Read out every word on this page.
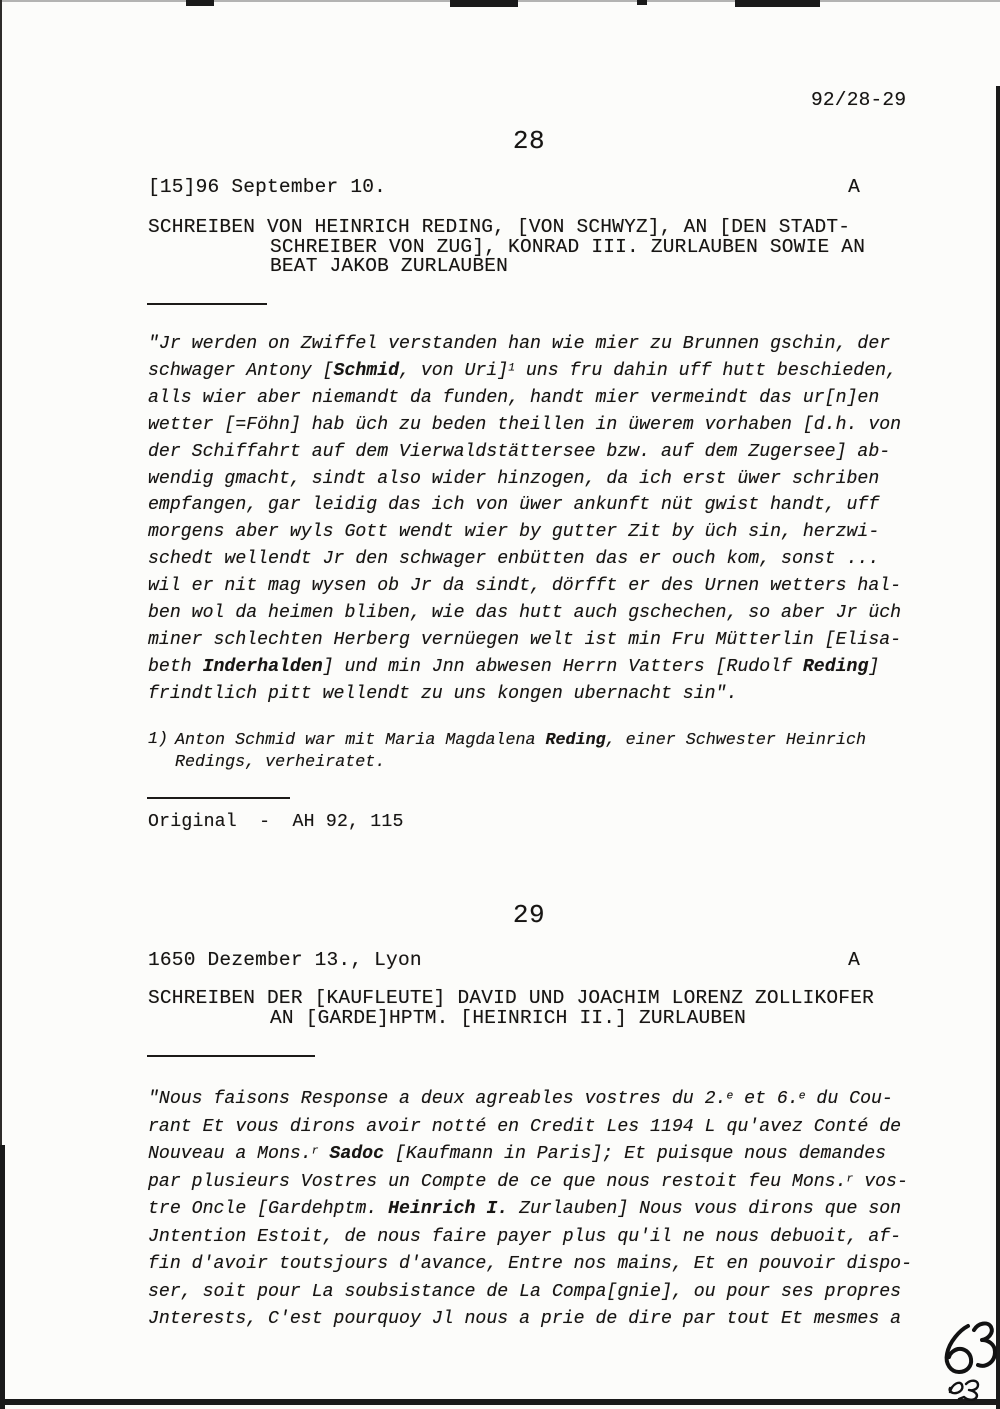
92/28-29
28
[15]96 September 10.	A
SCHREIBEN VON HEINRICH REDING, [VON SCHWYZ], AN [DEN STADT-
SCHREIBER VON ZUG], KONRAD III. ZURLAUBEN SOWIE AN
BEAT JAKOB ZURLAUBEN
"Jr werden on Zwiffel verstanden han wie mier zu Brunnen gschin, der
schwager Antony [Schmid, von Uri]$^1$ uns fru dahin uff hutt beschieden,
alls wier aber niemandt da funden, handt mier vermeindt das ur[n]en
wetter [=Föhn] hab üch zu beden theillen in üwerem vorhaben [d.h. von
der Schiffahrt auf dem Vierwaldstättersee bzw. auf dem Zugersee] ab-
wendig gmacht, sindt also wider hinzogen, da ich erst üwer schriben
empfangen, gar leidig das ich von üwer ankunft nüt gwist handt, uff
morgens aber wyls Gott wendt wier by gutter Zit by üch sin, herzwi-
schedt wellendt Jr den schwager enbütten das er ouch kom, sonst ...
wil er nit mag wysen ob Jr da sindt, dörfft er des Urnen wetters hal-
ben wol da heimen bliben, wie das hutt auch gschechen, so aber Jr üch
miner schlechten Herberg vernüegen welt ist min Fru Mütterlin [Elisa-
beth Inderhalden] und min Jnn abwesen Herrn Vatters [Rudolf Reding]
frindtlich pitt wellendt zu uns kongen ubernacht sin".
1) Anton Schmid war mit Maria Magdalena Reding, einer Schwester Heinrich
Redings, verheiratet.
Original  -  AH 92, 115
29
1650 Dezember 13., Lyon	A
SCHREIBEN DER [KAUFLEUTE] DAVID UND JOACHIM LORENZ ZOLLIKOFER
AN [GARDE]HPTM. [HEINRICH II.] ZURLAUBEN
"Nous faisons Response a deux agreables vostres du 2.$^e$ et 6.$^e$ du Cou-
rant Et vous dirons avoir notté en Credit Les 1194 L qu'avez Conté de
Nouveau a Mons.$^r$ Sadoc [Kaufmann in Paris]; Et puisque nous demandes
par plusieurs Vostres un Compte de ce que nous restoit feu Mons.$^r$ vos-
tre Oncle [Gardehptm. Heinrich I. Zurlauben] Nous vous dirons que son
Jntention Estoit, de nous faire payer plus qu'il ne nous debuoit, af-
fin d'avoir toutsjours d'avance, Entre nos mains, Et en pouvoir dispo-
ser, soit pour La soubsistance de La Compa[gnie], ou pour ses propres
Jnterests, C'est pourquoy Jl nous a prie de dire par tout Et mesmes a
